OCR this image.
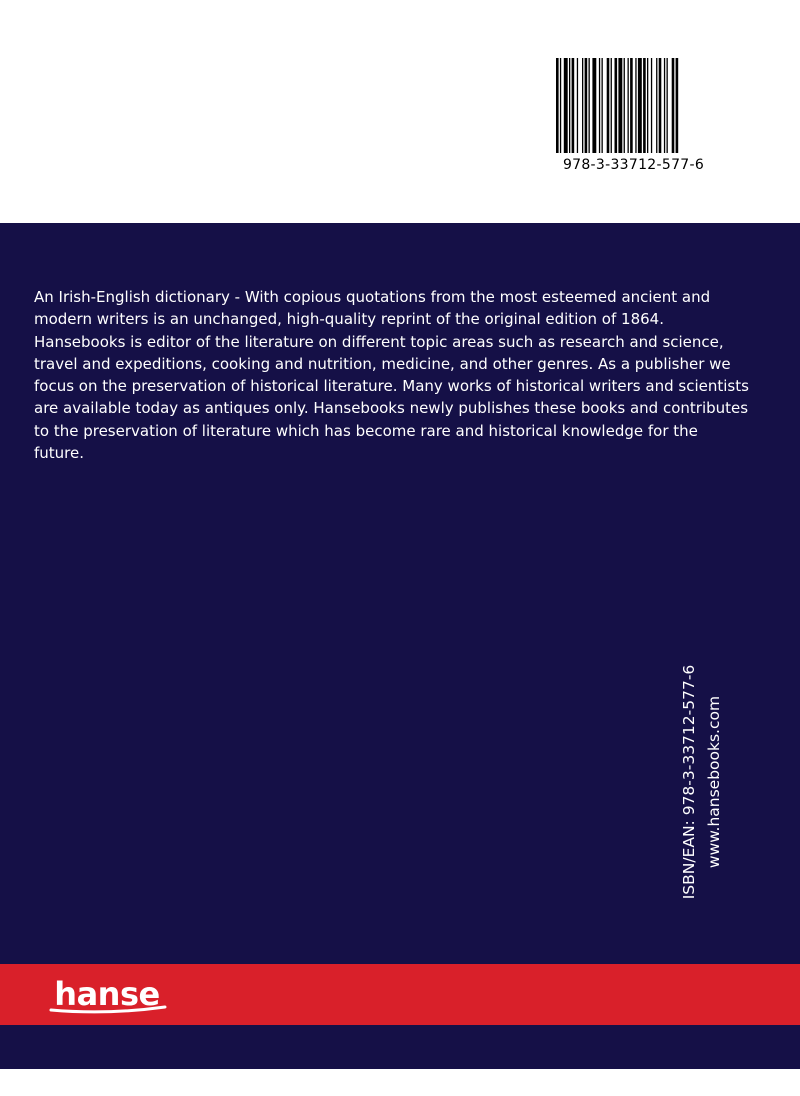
978-3-33712-577-6

An Irish-English dictionary - With copious quotations from the most esteemed ancient and modern writers is an unchanged, high-quality reprint of the original edition of 1864.

Hansebooks is editor of the literature on different topic areas such as research and science, travel and expeditions, cooking and nutrition, medicine, and other genres. As a publisher we focus on the preservation of historical literature. Many works of historical writers and scientists are available today as antiques only. Hansebooks newly publishes these books and contributes to the preservation of literature which has become rare and historical knowledge for the future.

ISBN/EAN: 978-3-33712-577-6 www.hansebooks.com
hanse
